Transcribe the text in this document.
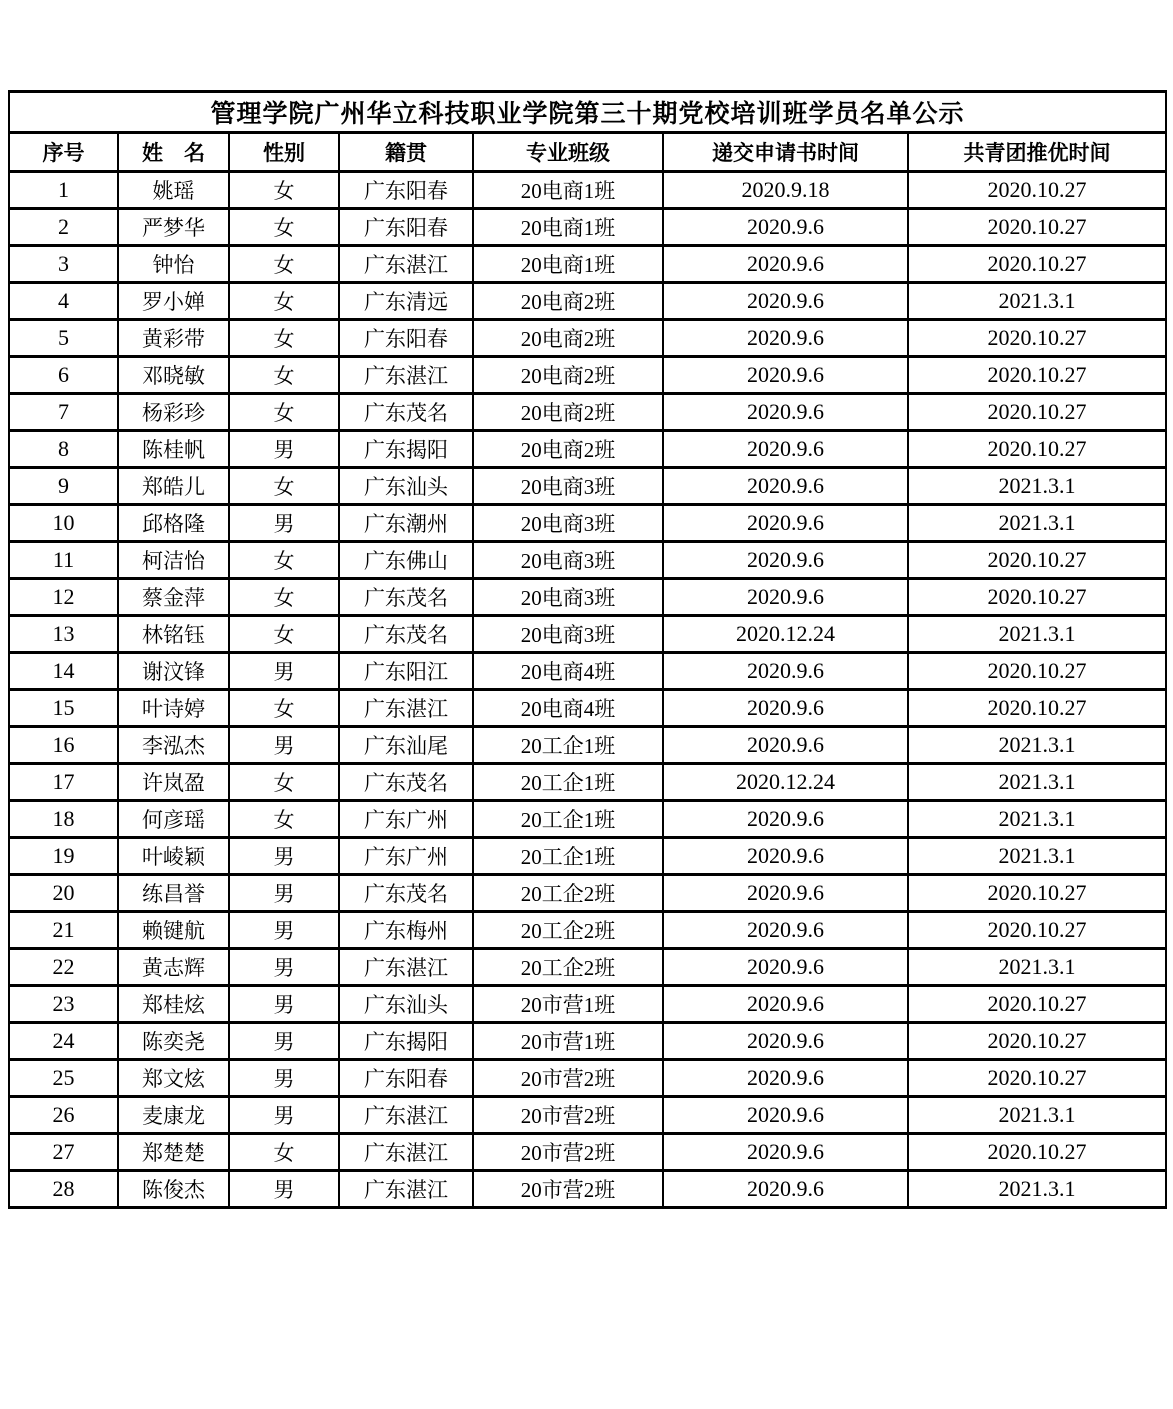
管理学院广州华立科技职业学院第三十期党校培训班学员名单公示						
序号	姓　名	性别	籍贯	专业班级	递交申请书时间	共青团推优时间
1	姚瑶	女	广东阳春	20电商1班	2020.9.18	2020.10.27
2	严梦华	女	广东阳春	20电商1班	2020.9.6	2020.10.27
3	钟怡	女	广东湛江	20电商1班	2020.9.6	2020.10.27
4	罗小婵	女	广东清远	20电商2班	2020.9.6	2021.3.1
5	黄彩带	女	广东阳春	20电商2班	2020.9.6	2020.10.27
6	邓晓敏	女	广东湛江	20电商2班	2020.9.6	2020.10.27
7	杨彩珍	女	广东茂名	20电商2班	2020.9.6	2020.10.27
8	陈桂帆	男	广东揭阳	20电商2班	2020.9.6	2020.10.27
9	郑皓儿	女	广东汕头	20电商3班	2020.9.6	2021.3.1
10	邱格隆	男	广东潮州	20电商3班	2020.9.6	2021.3.1
11	柯洁怡	女	广东佛山	20电商3班	2020.9.6	2020.10.27
12	蔡金萍	女	广东茂名	20电商3班	2020.9.6	2020.10.27
13	林铭钰	女	广东茂名	20电商3班	2020.12.24	2021.3.1
14	谢汶锋	男	广东阳江	20电商4班	2020.9.6	2020.10.27
15	叶诗婷	女	广东湛江	20电商4班	2020.9.6	2020.10.27
16	李泓杰	男	广东汕尾	20工企1班	2020.9.6	2021.3.1
17	许岚盈	女	广东茂名	20工企1班	2020.12.24	2021.3.1
18	何彦瑶	女	广东广州	20工企1班	2020.9.6	2021.3.1
19	叶崚颖	男	广东广州	20工企1班	2020.9.6	2021.3.1
20	练昌誉	男	广东茂名	20工企2班	2020.9.6	2020.10.27
21	赖键航	男	广东梅州	20工企2班	2020.9.6	2020.10.27
22	黄志辉	男	广东湛江	20工企2班	2020.9.6	2021.3.1
23	郑桂炫	男	广东汕头	20市营1班	2020.9.6	2020.10.27
24	陈奕尧	男	广东揭阳	20市营1班	2020.9.6	2020.10.27
25	郑文炫	男	广东阳春	20市营2班	2020.9.6	2020.10.27
26	麦康龙	男	广东湛江	20市营2班	2020.9.6	2021.3.1
27	郑楚楚	女	广东湛江	20市营2班	2020.9.6	2020.10.27
28	陈俊杰	男	广东湛江	20市营2班	2020.9.6	2021.3.1
